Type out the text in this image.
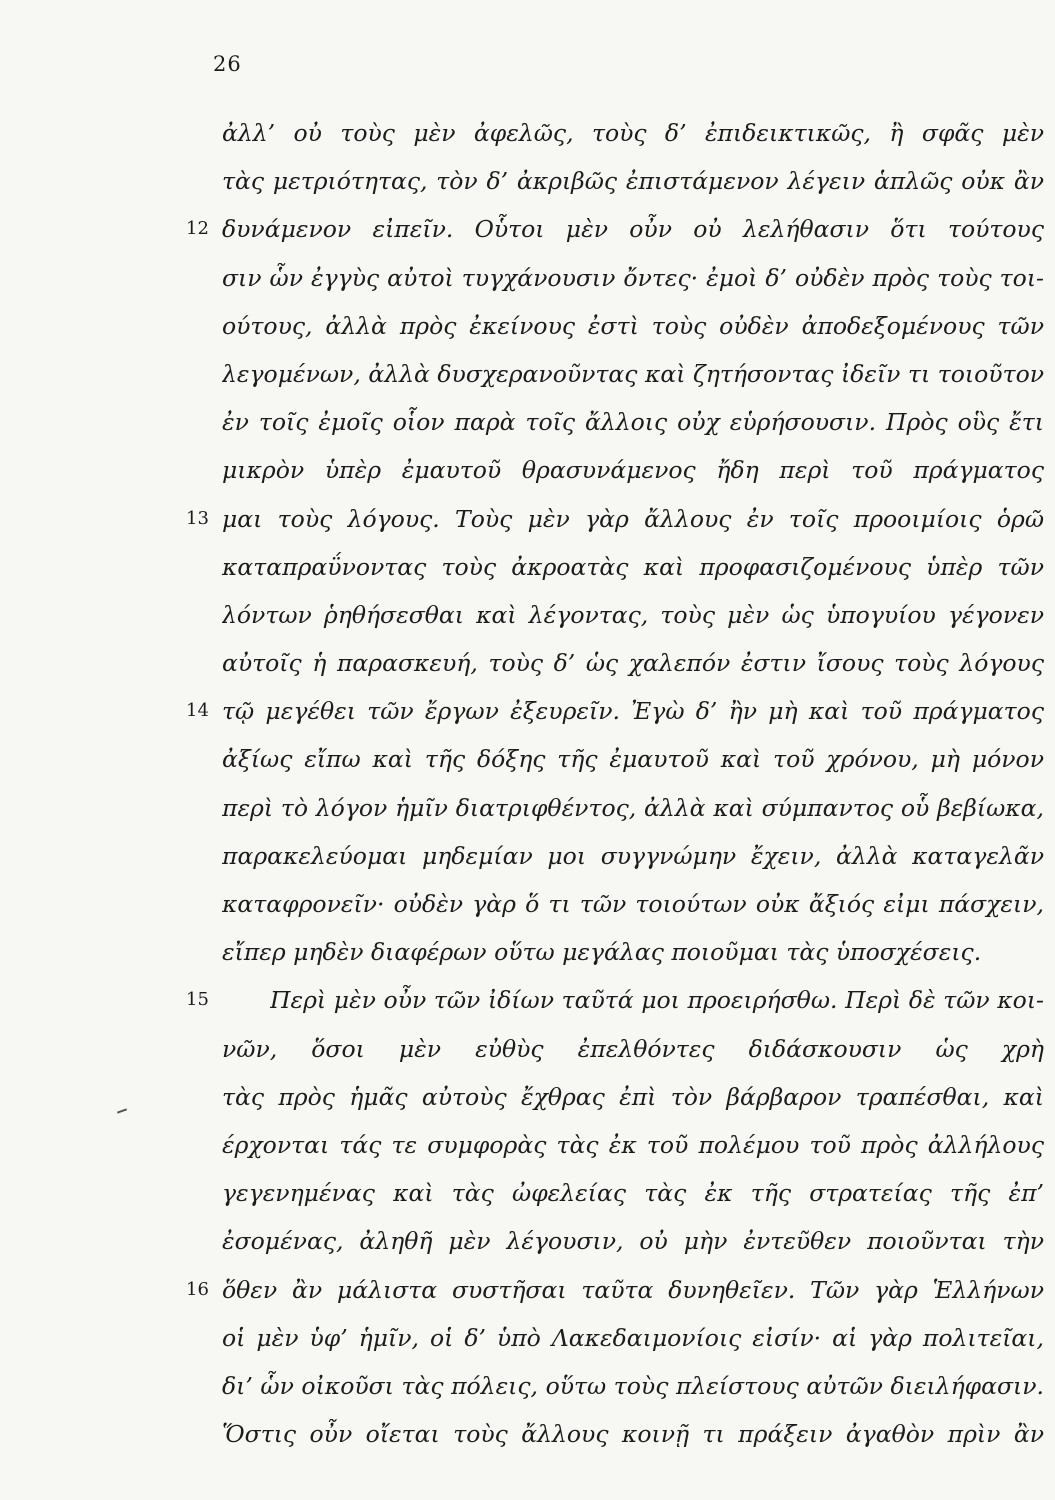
26
ἀλλ’ οὐ τοὺς μὲν ἀφελῶς, τοὺς δ’ ἐπιδεικτικῶς, ἢ σφᾶς μὲν
τὰς μετριότητας, τὸν δ’ ἀκριβῶς ἐπιστάμενον λέγειν ἁπλῶς οὐκ ἂν
12 δυνάμενον εἰπεῖν. Οὗτοι μὲν οὖν οὐ λελήθασιν ὅτι τούτους
σιν ὧν ἐγγὺς αὐτοὶ τυγχάνουσιν ὄντες· ἐμοὶ δ’ οὐδὲν πρὸς τοὺς τοι-
ούτους, ἀλλὰ πρὸς ἐκείνους ἐστὶ τοὺς οὐδὲν ἀποδεξομένους τῶν
λεγομένων, ἀλλὰ δυσχερανοῦντας καὶ ζητήσοντας ἰδεῖν τι τοιοῦτον
ἐν τοῖς ἐμοῖς οἷον παρὰ τοῖς ἄλλοις οὐχ εὑρήσουσιν. Πρὸς οὓς ἔτι
μικρὸν ὑπὲρ ἐμαυτοῦ θρασυνάμενος ἤδη περὶ τοῦ πράγματος
13 μαι τοὺς λόγους. Τοὺς μὲν γὰρ ἄλλους ἐν τοῖς προοιμίοις ὁρῶ
καταπραΰνοντας τοὺς ἀκροατὰς καὶ προφασιζομένους ὑπὲρ τῶν
λόντων ῥηθήσεσθαι καὶ λέγοντας, τοὺς μὲν ὡς ὑπογυίου γέγονεν
αὐτοῖς ἡ παρασκευή, τοὺς δ’ ὡς χαλεπόν ἐστιν ἴσους τοὺς λόγους
14 τῷ μεγέθει τῶν ἔργων ἐξευρεῖν. Ἐγὼ δ’ ἢν μὴ καὶ τοῦ πράγματος
ἀξίως εἴπω καὶ τῆς δόξης τῆς ἐμαυτοῦ καὶ τοῦ χρόνου, μὴ μόνον
περὶ τὸ λόγον ἡμῖν διατριφθέντος, ἀλλὰ καὶ σύμπαντος οὗ βεβίωκα,
παρακελεύομαι μηδεμίαν μοι συγγνώμην ἔχειν, ἀλλὰ καταγελᾶν
καταφρονεῖν· οὐδὲν γὰρ ὅ τι τῶν τοιούτων οὐκ ἄξιός εἰμι πάσχειν,
εἴπερ μηδὲν διαφέρων οὕτω μεγάλας ποιοῦμαι τὰς ὑποσχέσεις.
15	Περὶ μὲν οὖν τῶν ἰδίων ταῦτά μοι προειρήσθω. Περὶ δὲ τῶν κοι-
νῶν, ὅσοι μὲν εὐθὺς ἐπελθόντες διδάσκουσιν ὡς χρὴ
τὰς πρὸς ἡμᾶς αὐτοὺς ἔχθρας ἐπὶ τὸν βάρβαρον τραπέσθαι, καὶ
έρχονται τάς τε συμφορὰς τὰς ἐκ τοῦ πολέμου τοῦ πρὸς ἀλλήλους
γεγενημένας καὶ τὰς ὠφελείας τὰς ἐκ τῆς στρατείας τῆς ἐπ’
ἐσομένας, ἀληθῆ μὲν λέγουσιν, οὐ μὴν ἐντεῦθεν ποιοῦνται τὴν
16 ὅθεν ἂν μάλιστα συστῆσαι ταῦτα δυνηθεῖεν. Τῶν γὰρ Ἑλλήνων
οἱ μὲν ὑφ’ ἡμῖν, οἱ δ’ ὑπὸ Λακεδαιμονίοις εἰσίν· αἱ γὰρ πολιτεῖαι,
δι’ ὧν οἰκοῦσι τὰς πόλεις, οὕτω τοὺς πλείστους αὐτῶν διειλήφασιν.
Ὅστις οὖν οἴεται τοὺς ἄλλους κοινῇ τι πράξειν ἀγαθὸν πρὶν ἂν
